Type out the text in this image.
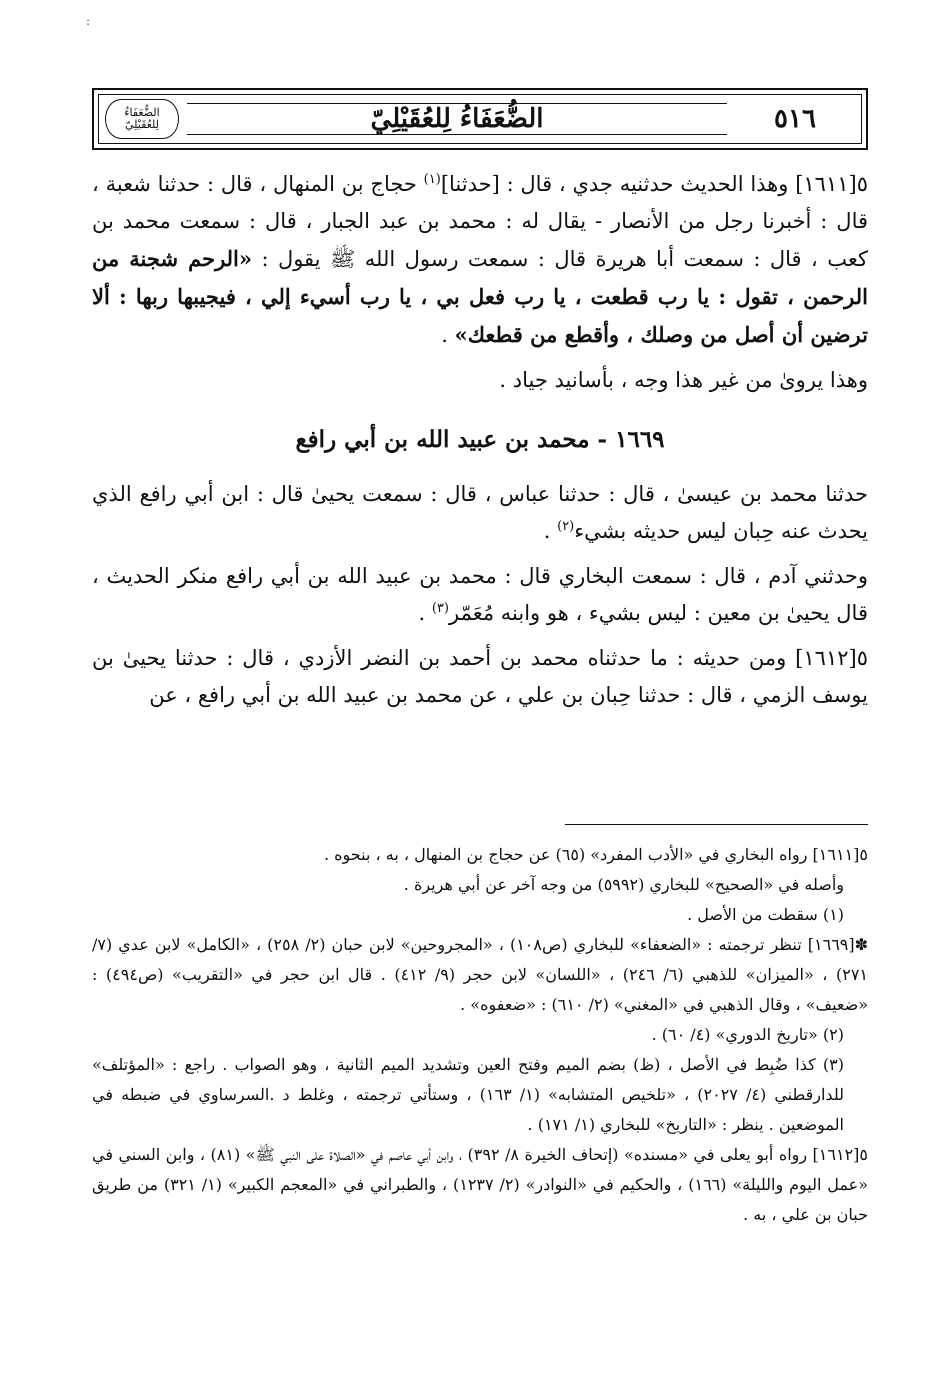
:
الضُّعَفَاءُ لِلعُقَيْلِيّ	الضُّعَفَاءُ لِلعُقَيْلِيّ	٥١٦

٥[١٦١١] وهذا الحديث حدثنيه جدي ، قال : [حدثنا]$^{(١)}$ حجاج بن المنهال ، قال : حدثنا شعبة ، قال : أخبرنا رجل من الأنصار - يقال له : محمد بن عبد الجبار ، قال : سمعت محمد بن كعب ، قال : سمعت أبا هريرة قال : سمعت رسول الله ﷺ يقول : «الرحم شجنة من الرحمن ، تقول : يا رب قطعت ، يا رب فعل بي ، يا رب أسيء إلي ، فيجيبها ربها : ألا ترضين أن أصل من وصلك ، وأقطع من قطعك» .

وهذا يروىٰ من غير هذا وجه ، بأسانيد جياد .

١٦٦٩ - محمد بن عبيد الله بن أبي رافع

حدثنا محمد بن عيسىٰ ، قال : حدثنا عباس ، قال : سمعت يحيىٰ قال : ابن أبي رافع الذي يحدث عنه حِبان ليس حديثه بشيء$^{(٢)}$ .

وحدثني آدم ، قال : سمعت البخاري قال : محمد بن عبيد الله بن أبي رافع منكر الحديث ، قال يحيىٰ بن معين : ليس بشيء ، هو وابنه مُعَمّر$^{(٣)}$ .

٥[١٦١٢] ومن حديثه : ما حدثناه محمد بن أحمد بن النضر الأزدي ، قال : حدثنا يحيىٰ بن يوسف الزمي ، قال : حدثنا حِبان بن علي ، عن محمد بن عبيد الله بن أبي رافع ، عن

٥[١٦١١] رواه البخاري في «الأدب المفرد» (٦٥) عن حجاج بن المنهال ، به ، بنحوه .

وأصله في «الصحيح» للبخاري (٥٩٩٢) من وجه آخر عن أبي هريرة .

(١) سقطت من الأصل .

✽[١٦٦٩] تنظر ترجمته : «الضعفاء» للبخاري (ص١٠٨) ، «المجروحين» لابن حبان (٢/ ٢٥٨) ، «الكامل» لابن عدي (٧/ ٢٧١) ، «الميزان» للذهبي (٦/ ٢٤٦) ، «اللسان» لابن حجر (٩/ ٤١٢) . قال ابن حجر في «التقريب» (ص٤٩٤) : «ضعيف» ، وقال الذهبي في «المغني» (٢/ ٦١٠) : «ضعفوه» .

(٢) «تاريخ الدوري» (٤/ ٦٠) .

(٣) كذا ضُبِط في الأصل ، (ظ) بضم الميم وفتح العين وتشديد الميم الثانية ، وهو الصواب . راجع : «المؤتلف» للدارقطني (٤/ ٢٠٢٧) ، «تلخيص المتشابه» (١/ ١٦٣) ، وستأتي ترجمته ، وغلط د .السرساوي في ضبطه في الموضعين . ينظر : «التاريخ» للبخاري (١/ ١٧١) .

٥[١٦١٢] رواه أبو يعلى في «مسنده» (إتحاف الخيرة ٨/ ٣٩٢) ، وابن أبي عاصم في «الصلاة على النبي ﷺ» (٨١) ، وابن السني في «عمل اليوم والليلة» (١٦٦) ، والحكيم في «النوادر» (٢/ ١٢٣٧) ، والطبراني في «المعجم الكبير» (١/ ٣٢١) من طريق حبان بن علي ، به .
